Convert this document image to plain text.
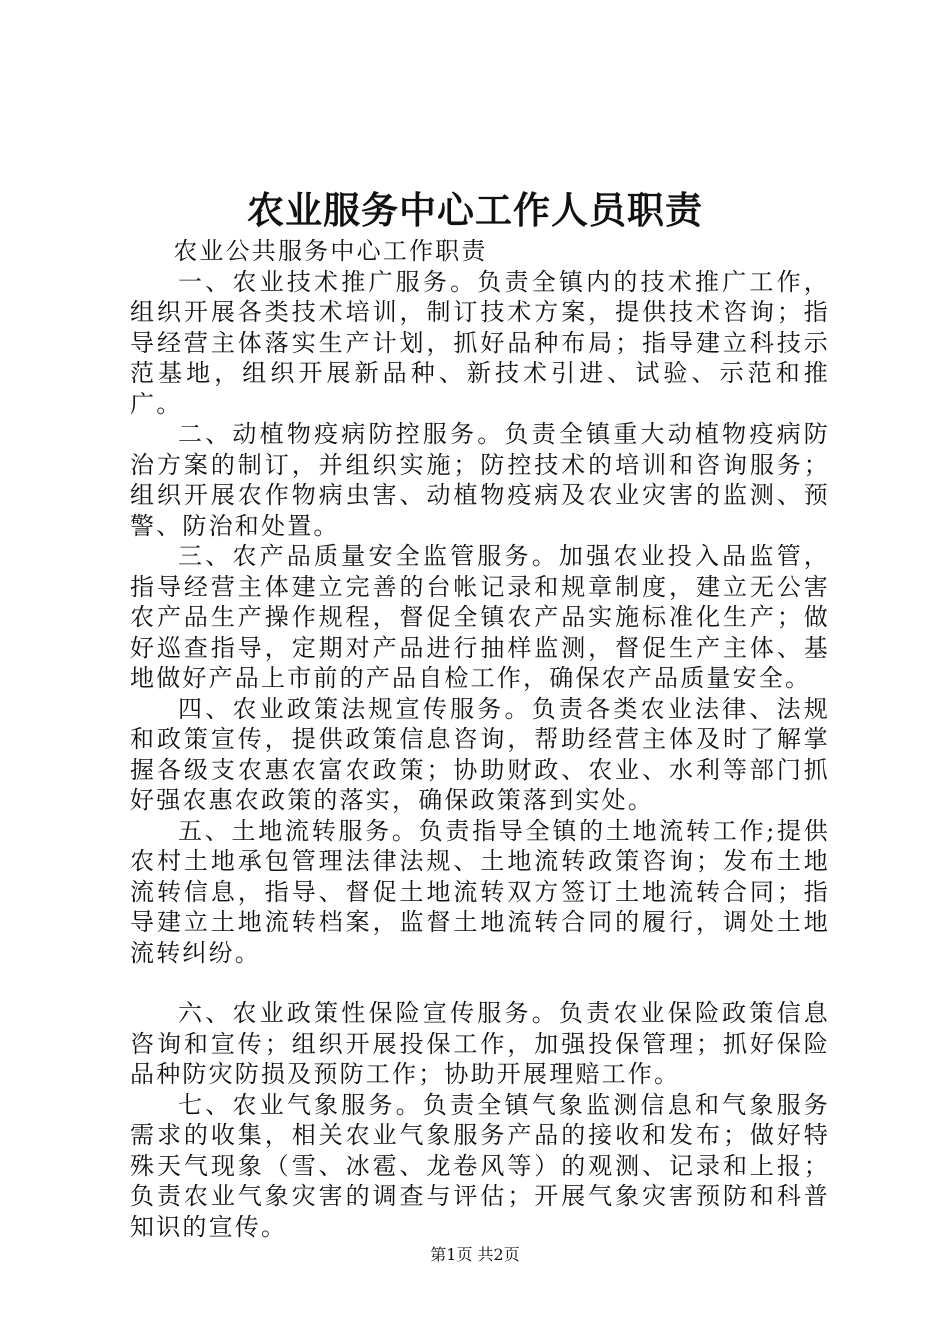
农业服务中心工作人员职责

农业公共服务中心工作职责

一、农业技术推广服务。负责全镇内的技术推广工作，组织开展各类技术培训，制订技术方案，提供技术咨询；指导经营主体落实生产计划，抓好品种布局；指导建立科技示范基地，组织开展新品种、新技术引进、试验、示范和推广。

二、动植物疫病防控服务。负责全镇重大动植物疫病防治方案的制订，并组织实施；防控技术的培训和咨询服务；组织开展农作物病虫害、动植物疫病及农业灾害的监测、预警、防治和处置。

三、农产品质量安全监管服务。加强农业投入品监管，指导经营主体建立完善的台帐记录和规章制度，建立无公害农产品生产操作规程，督促全镇农产品实施标准化生产；做好巡查指导，定期对产品进行抽样监测，督促生产主体、基地做好产品上市前的产品自检工作，确保农产品质量安全。

四、农业政策法规宣传服务。负责各类农业法律、法规和政策宣传，提供政策信息咨询，帮助经营主体及时了解掌握各级支农惠农富农政策；协助财政、农业、水利等部门抓好强农惠农政策的落实，确保政策落到实处。

五、土地流转服务。负责指导全镇的土地流转工作;提供农村土地承包管理法律法规、土地流转政策咨询；发布土地流转信息，指导、督促土地流转双方签订土地流转合同；指导建立土地流转档案，监督土地流转合同的履行，调处土地流转纠纷。

六、农业政策性保险宣传服务。负责农业保险政策信息咨询和宣传；组织开展投保工作，加强投保管理；抓好保险品种防灾防损及预防工作；协助开展理赔工作。

七、农业气象服务。负责全镇气象监测信息和气象服务需求的收集，相关农业气象服务产品的接收和发布；做好特殊天气现象（雪、冰雹、龙卷风等）的观测、记录和上报；负责农业气象灾害的调查与评估；开展气象灾害预防和科普知识的宣传。

第1页 共2页
